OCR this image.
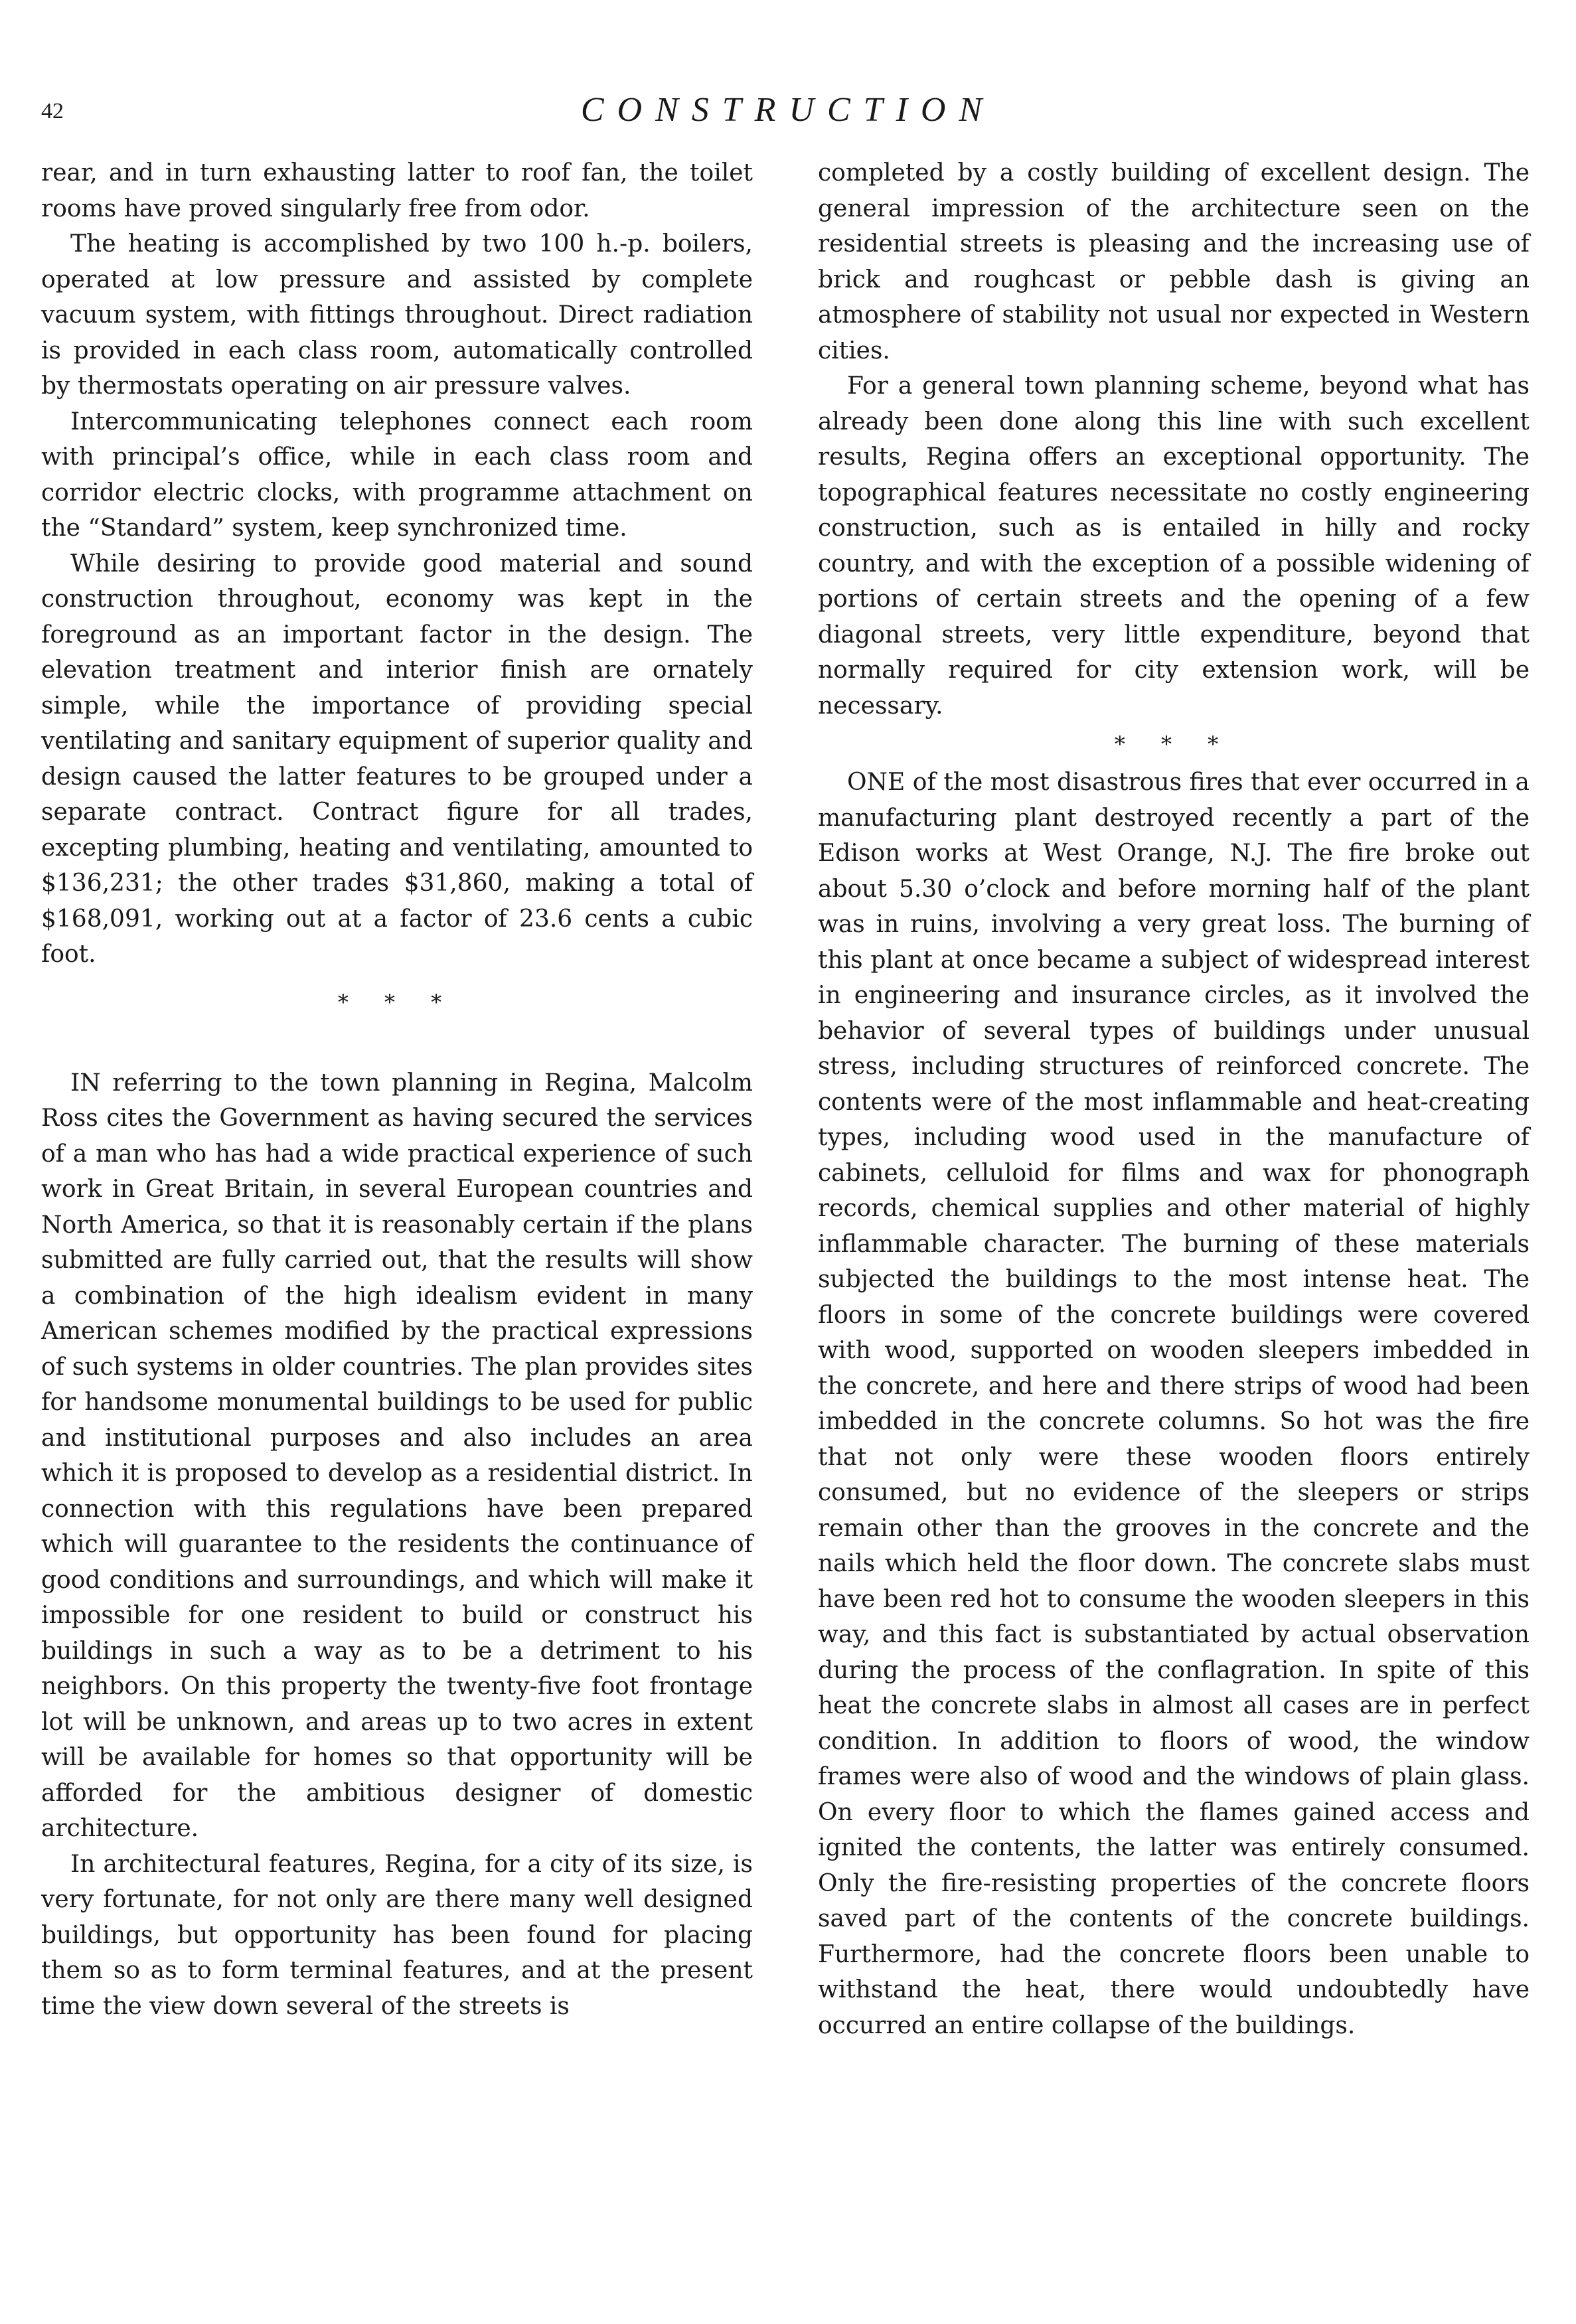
42	CONSTRUCTION

rear, and in turn exhausting latter to roof fan, the toilet rooms have proved singularly free from odor.

The heating is accomplished by two 100 h.-p. boilers, operated at low pressure and assisted by complete vacuum system, with fittings throughout. Direct radiation is provided in each class room, automatically controlled by thermostats operating on air pressure valves.

Intercommunicating telephones connect each room with principal’s office, while in each class room and corridor electric clocks, with programme attachment on the “Standard” system, keep synchronized time.

While desiring to provide good material and sound construction throughout, economy was kept in the foreground as an important factor in the design. The elevation treatment and interior finish are ornately simple, while the importance of providing special ventilating and sanitary equipment of superior quality and design caused the latter features to be grouped under a separate contract. Contract figure for all trades, excepting plumbing, heating and ventilating, amounted to $136,231; the other trades $31,860, making a total of $168,091, working out at a factor of 23.6 cents a cubic foot.

* * *

IN referring to the town planning in Regina, Malcolm Ross cites the Government as having secured the services of a man who has had a wide practical experience of such work in Great Britain, in several European countries and North America, so that it is reasonably certain if the plans submitted are fully carried out, that the results will show a combination of the high idealism evident in many American schemes modified by the practical expressions of such systems in older countries. The plan provides sites for handsome monumental buildings to be used for public and institutional purposes and also includes an area which it is proposed to develop as a residential district. In connection with this regulations have been prepared which will guarantee to the residents the continuance of good conditions and surroundings, and which will make it impossible for one resident to build or construct his buildings in such a way as to be a detriment to his neighbors. On this property the twenty-five foot frontage lot will be unknown, and areas up to two acres in extent will be available for homes so that opportunity will be afforded for the ambitious designer of domestic architecture.

In architectural features, Regina, for a city of its size, is very fortunate, for not only are there many well designed buildings, but opportunity has been found for placing them so as to form terminal features, and at the present time the view down several of the streets is

completed by a costly building of excellent design. The general impression of the architecture seen on the residential streets is pleasing and the increasing use of brick and roughcast or pebble dash is giving an atmosphere of stability not usual nor expected in Western cities.

For a general town planning scheme, beyond what has already been done along this line with such excellent results, Regina offers an exceptional opportunity. The topographical features necessitate no costly engineering construction, such as is entailed in hilly and rocky country, and with the exception of a possible widening of portions of certain streets and the opening of a few diagonal streets, very little expenditure, beyond that normally required for city extension work, will be necessary.

* * *

ONE of the most disastrous fires that ever occurred in a manufacturing plant destroyed recently a part of the Edison works at West Orange, N.J. The fire broke out about 5.30 o’clock and before morning half of the plant was in ruins, involving a very great loss. The burning of this plant at once became a subject of widespread interest in engineering and insurance circles, as it involved the behavior of several types of buildings under unusual stress, including structures of reinforced concrete. The contents were of the most inflammable and heat-creating types, including wood used in the manufacture of cabinets, celluloid for films and wax for phonograph records, chemical supplies and other material of highly inflammable character. The burning of these materials subjected the buildings to the most intense heat. The floors in some of the concrete buildings were covered with wood, supported on wooden sleepers imbedded in the concrete, and here and there strips of wood had been imbedded in the concrete columns. So hot was the fire that not only were these wooden floors entirely consumed, but no evidence of the sleepers or strips remain other than the grooves in the concrete and the nails which held the floor down. The concrete slabs must have been red hot to consume the wooden sleepers in this way, and this fact is substantiated by actual observation during the process of the conflagration. In spite of this heat the concrete slabs in almost all cases are in perfect condition. In addition to floors of wood, the window frames were also of wood and the windows of plain glass. On every floor to which the flames gained access and ignited the contents, the latter was entirely consumed. Only the fire-resisting properties of the concrete floors saved part of the contents of the concrete buildings. Furthermore, had the concrete floors been unable to withstand the heat, there would undoubtedly have occurred an entire collapse of the buildings.
